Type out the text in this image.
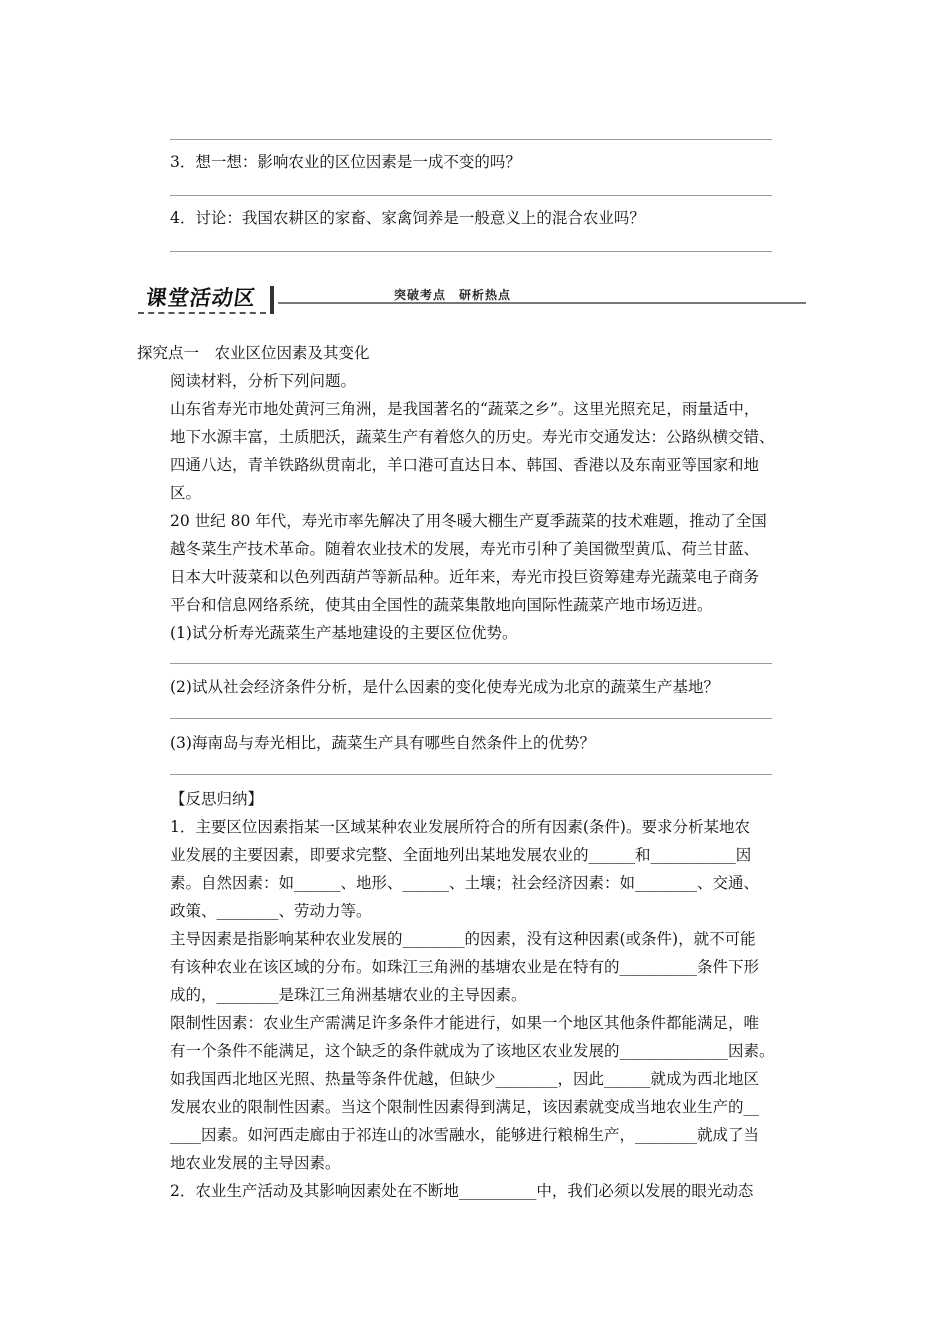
3．想一想：影响农业的区位因素是一成不变的吗？
4．讨论：我国农耕区的家畜、家禽饲养是一般意义上的混合农业吗？
课堂活动区	突破考点　研析热点
探究点一　农业区位因素及其变化
阅读材料，分析下列问题。
山东省寿光市地处黄河三角洲，是我国著名的“蔬菜之乡”。这里光照充足，雨量适中，
地下水源丰富，土质肥沃，蔬菜生产有着悠久的历史。寿光市交通发达：公路纵横交错、
四通八达，青羊铁路纵贯南北，羊口港可直达日本、韩国、香港以及东南亚等国家和地
区。
20 世纪 80 年代，寿光市率先解决了用冬暖大棚生产夏季蔬菜的技术难题，推动了全国
越冬菜生产技术革命。随着农业技术的发展，寿光市引种了美国微型黄瓜、荷兰甘蓝、
日本大叶菠菜和以色列西葫芦等新品种。近年来，寿光市投巨资筹建寿光蔬菜电子商务
平台和信息网络系统，使其由全国性的蔬菜集散地向国际性蔬菜产地市场迈进。
(1)试分析寿光蔬菜生产基地建设的主要区位优势。
(2)试从社会经济条件分析，是什么因素的变化使寿光成为北京的蔬菜生产基地？
(3)海南岛与寿光相比，蔬菜生产具有哪些自然条件上的优势？
【反思归纳】
1．主要区位因素指某一区域某种农业发展所符合的所有因素(条件)。要求分析某地农
业发展的主要因素，即要求完整、全面地列出某地发展农业的______和___________因
素。自然因素：如______、地形、______、土壤；社会经济因素：如________、交通、
政策、________、劳动力等。
主导因素是指影响某种农业发展的________的因素，没有这种因素(或条件)，就不可能
有该种农业在该区域的分布。如珠江三角洲的基塘农业是在特有的__________条件下形
成的，________是珠江三角洲基塘农业的主导因素。
限制性因素：农业生产需满足许多条件才能进行，如果一个地区其他条件都能满足，唯
有一个条件不能满足，这个缺乏的条件就成为了该地区农业发展的______________因素。
如我国西北地区光照、热量等条件优越，但缺少________，因此______就成为西北地区
发展农业的限制性因素。当这个限制性因素得到满足，该因素就变成当地农业生产的__
____因素。如河西走廊由于祁连山的冰雪融水，能够进行粮棉生产，________就成了当
地农业发展的主导因素。
2．农业生产活动及其影响因素处在不断地__________中，我们必须以发展的眼光动态
